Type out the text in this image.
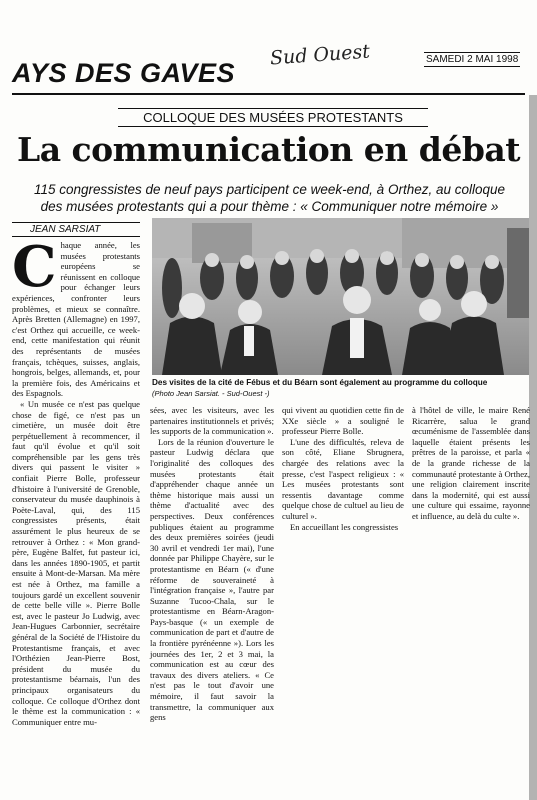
AYS DES GAVES
Sud Ouest	SAMEDI 2 MAI 1998
COLLOQUE DES MUSÉES PROTESTANTS
La communication en débat
115 congressistes de neuf pays participent ce week-end, à Orthez, au colloque des musées protestants qui a pour thème : « Communiquer notre mémoire »
JEAN SARSIAT
Des visites de la cité de Fébus et du Béarn sont également au programme du colloque
(Photo Jean Sarsiat. - Sud-Ouest -)
C haque année, les musées protestants européens se réunissent en colloque pour échanger leurs expériences, confronter leurs problèmes, et mieux se connaître. Après Bretten (Allemagne) en 1997, c'est Orthez qui accueille, ce week-end, cette manifestation qui réunit des représentants de musées français, tchèques, suisses, anglais, hongrois, belges, allemands, et, pour la première fois, des Américains et des Espagnols.

« Un musée ce n'est pas quelque chose de figé, ce n'est pas un cimetière, un musée doit être perpétuellement à recommencer, il faut qu'il évolue et qu'il soit compréhensible par les gens très divers qui passent le visiter » confiait Pierre Bolle, professeur d'histoire à l'université de Grenoble, conservateur du musée dauphinois à Poète-Laval, qui, des 115 congressistes présents, était assurément le plus heureux de se retrouver à Orthez : « Mon grand-père, Eugène Balfet, fut pasteur ici, dans les années 1890-1905, et partit ensuite à Mont-de-Marsan. Ma mère est née à Orthez, ma famille a toujours gardé un excellent souvenir de cette belle ville ». Pierre Bolle est, avec le pasteur Jo Ludwig, avec Jean-Hugues Carbonnier, secrétaire général de la Société de l'Histoire du Protestantisme français, et avec l'Orthézien Jean-Pierre Bost, président du musée du protestantisme béarnais, l'un des principaux organisateurs du colloque. Ce colloque d'Orthez dont le thème est la communication : « Communiquer entre mu-

sées, avec les visiteurs, avec les partenaires institutionnels et privés; les supports de la communication ».

Lors de la réunion d'ouverture le pasteur Ludwig déclara que l'originalité des colloques des musées protestants était d'appréhender chaque année un thème historique mais aussi un thème d'actualité avec des perspectives. Deux conférences publiques étaient au programme des deux premières soirées (jeudi 30 avril et vendredi 1er mai), l'une donnée par Philippe Chayère, sur le protestantisme en Béarn (« d'une réforme de souveraineté à l'intégration française », l'autre par Suzanne Tucoo-Chala, sur le protestantisme en Béarn-Aragon-Pays-basque (« un exemple de communication de part et d'autre de la frontière pyrénéenne »). Lors les journées des 1er, 2 et 3 mai, la communication est au cœur des travaux des divers ateliers. « Ce n'est pas le tout d'avoir une mémoire, il faut savoir la transmettre, la communiquer aux gens

qui vivent au quotidien cette fin de XXe siècle » a souligné le professeur Pierre Bolle.

L'une des difficultés, releva de son côté, Eliane Sbrugnera, chargée des relations avec la presse, c'est l'aspect religieux : « Les musées protestants sont ressentis davantage comme quelque chose de cultuel au lieu de culturel ».

En accueillant les congressistes

à l'hôtel de ville, le maire René Ricarrère, salua le grand œcuménisme de l'assemblée dans laquelle étaient présents les prêtres de la paroisse, et parla « de la grande richesse de la communauté protestante à Orthez, une religion clairement inscrite dans la modernité, qui est aussi une culture qui essaime, rayonne et influence, au delà du culte ».
